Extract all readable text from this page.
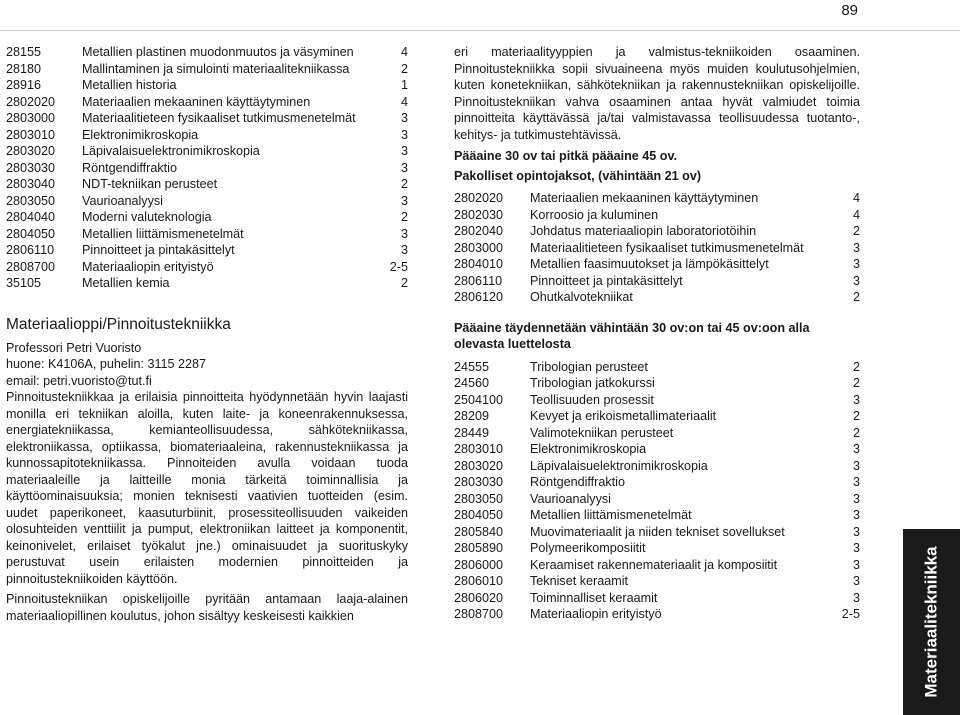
89
28155	Metallien plastinen muodonmuutos ja väsyminen	4
28180	Mallintaminen ja simulointi materiaalitekniikassa	2
28916	Metallien historia	1
2802020	Materiaalien mekaaninen käyttäytyminen	4
2803000	Materiaalitieteen fysikaaliset tutkimusmenetelmät	3
2803010	Elektronimikroskopia	3
2803020	Läpivalaisuelektronimikroskopia	3
2803030	Röntgendiffraktio	3
2803040	NDT-tekniikan perusteet	2
2803050	Vaurioanalyysi	3
2804040	Moderni valuteknologia	2
2804050	Metallien liittämismenetelmät	3
2806110	Pinnoitteet ja pintakäsittelyt	3
2808700	Materiaaliopin erityistyö	2-5
35105	Metallien kemia	2
Materiaalioppi/Pinnoitustekniikka
Professori Petri Vuoristo
huone: K4106A, puhelin: 3115 2287
email: petri.vuoristo@tut.fi

Pinnoitustekniikkaa ja erilaisia pinnoitteita hyödynnetään hyvin laajasti monilla eri tekniikan aloilla, kuten laite- ja koneenrakennuksessa, energiatekniikassa, kemianteollisuudessa, sähkötekniikassa, elektroniikassa, optiikassa, biomateriaaleina, rakennustekniikassa ja kunnossapitotekniikassa. Pinnoiteiden avulla voidaan tuoda materiaaleille ja laitteille monia tärkeitä toiminnallisia ja käyttöominaisuuksia; monien teknisesti vaativien tuotteiden (esim. uudet paperikoneet, kaasuturbiinit, prosessiteollisuuden vaikeiden olosuhteiden venttiilit ja pumput, elektroniikan laitteet ja komponentit, keinonivelet, erilaiset työkalut jne.) ominaisuudet ja suorituskyky perustuvat usein erilaisten modernien pinnoitteiden ja pinnoitustekniikoiden käyttöön.

Pinnoitustekniikan opiskelijoille pyritään antamaan laaja-alainen materiaaliopillinen koulutus, johon sisältyy keskeisesti kaikkien

eri materiaalityyppien ja valmistus-tekniikoiden osaaminen. Pinnoitustekniikka sopii sivuaineena myös muiden koulutusohjelmien, kuten konetekniikan, sähkötekniikan ja rakennustekniikan opiskelijoille. Pinnoitustekniikan vahva osaaminen antaa hyvät valmiudet toimia pinnoitteita käyttävässä ja/tai valmistavassa teollisuudessa tuotanto-, kehitys- ja tutkimustehtävissä.

Pääaine 30 ov tai pitkä pääaine 45 ov.
Pakolliset opintojaksot, (vähintään 21 ov)
2802020	Materiaalien mekaaninen käyttäytyminen	4
2802030	Korroosio ja kuluminen	4
2802040	Johdatus materiaaliopin laboratoriotöihin	2
2803000	Materiaalitieteen fysikaaliset tutkimusmenetelmät	3
2804010	Metallien faasimuutokset ja lämpökäsittelyt	3
2806110	Pinnoitteet ja pintakäsittelyt	3
2806120	Ohutkalvotekniikat	2
Pääaine täydennetään vähintään 30 ov:on tai 45 ov:oon alla olevasta luettelosta
24555	Tribologian perusteet	2
24560	Tribologian jatkokurssi	2
2504100	Teollisuuden prosessit	3
28209	Kevyet ja erikoismetallimateriaalit	2
28449	Valimotekniikan perusteet	2
2803010	Elektronimikroskopia	3
2803020	Läpivalaisuelektronimikroskopia	3
2803030	Röntgendiffraktio	3
2803050	Vaurioanalyysi	3
2804050	Metallien liittämismenetelmät	3
2805840	Muovimateriaalit ja niiden tekniset sovellukset	3
2805890	Polymeerikomposiitit	3
2806000	Keraamiset rakennemateriaalit ja komposiitit	3
2806010	Tekniset keraamit	3
2806020	Toiminnalliset keraamit	3
2808700	Materiaaliopin erityistyö	2-5	Materiaalitekniikka
